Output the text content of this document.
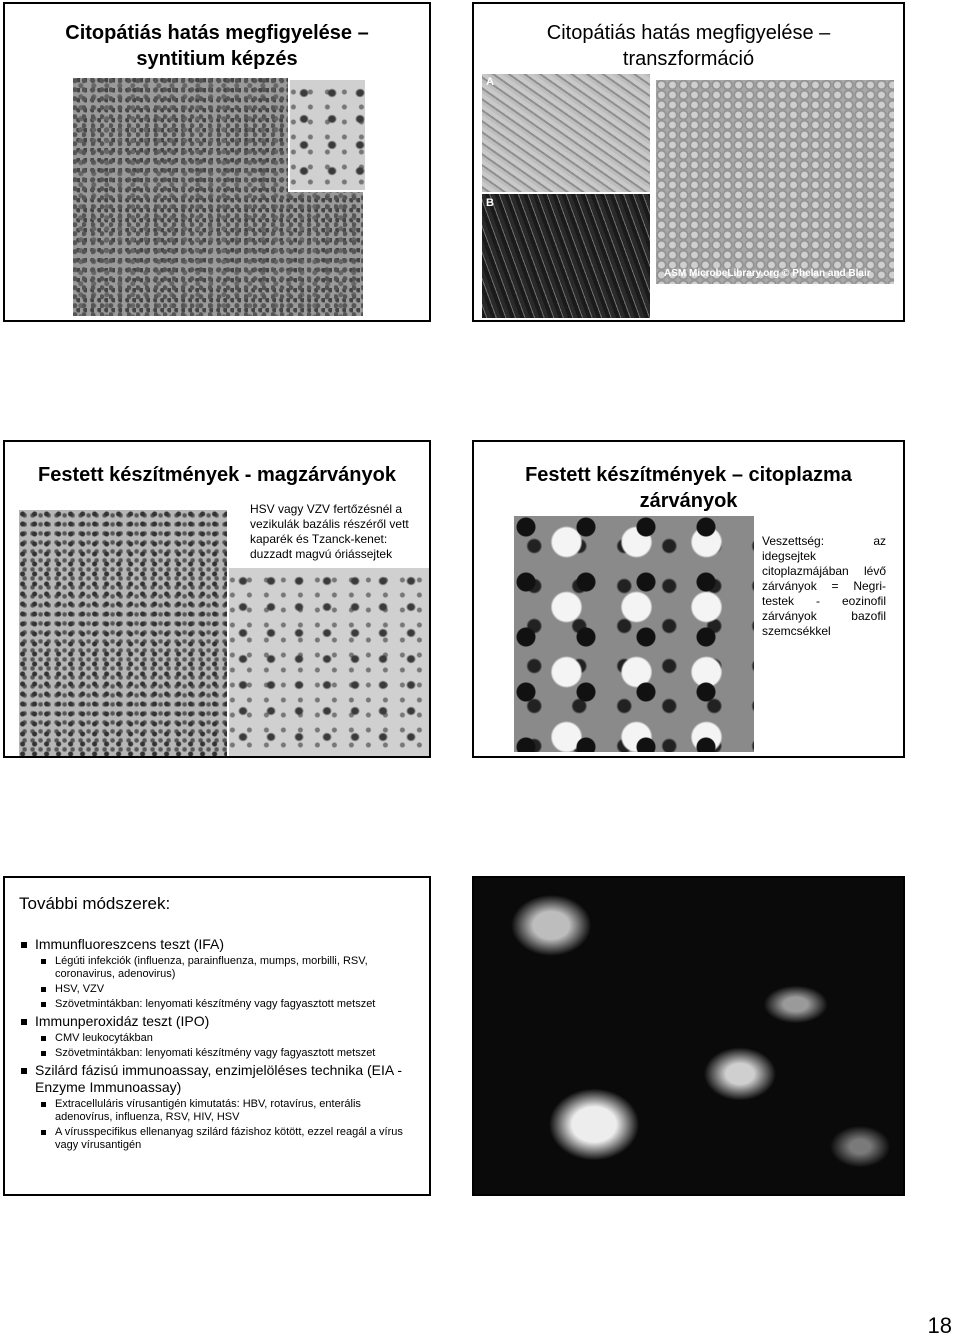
Citopátiás hatás megfigyelése –
syntitium képzés
Citopátiás hatás megfigyelése –
transzformáció
A
B
ASM MicrobeLibrary.org © Phelan and Blair
Festett készítmények - magzárványok
HSV vagy VZV fertőzésnél a
vezikulák bazális részéről vett
kaparék és Tzanck-kenet:
duzzadt magvú óriássejtek
Festett készítmények – citoplazma
zárványok
Veszettség: az
idegsejtek
citoplazmájában lévő
zárványok = Negri-
testek - eozinofil
zárványok bazofil
szemcsékkel
További módszerek:
Immunfluoreszcens teszt (IFA)
Légúti infekciók (influenza, parainfluenza, mumps, morbilli, RSV, coronavirus, adenovirus)
HSV, VZV
Szövetmintákban: lenyomati készítmény vagy fagyasztott metszet
Immunperoxidáz teszt (IPO)
CMV leukocytákban
Szövetmintákban: lenyomati készítmény vagy fagyasztott metszet
Szilárd fázisú immunoassay, enzimjelöléses technika (EIA - Enzyme Immunoassay)
Extracelluláris vírusantigén kimutatás: HBV, rotavírus, enterális adenovírus, influenza, RSV, HIV, HSV
A vírusspecifikus ellenanyag szilárd fázishoz kötött, ezzel reagál a vírus vagy vírusantigén
18
